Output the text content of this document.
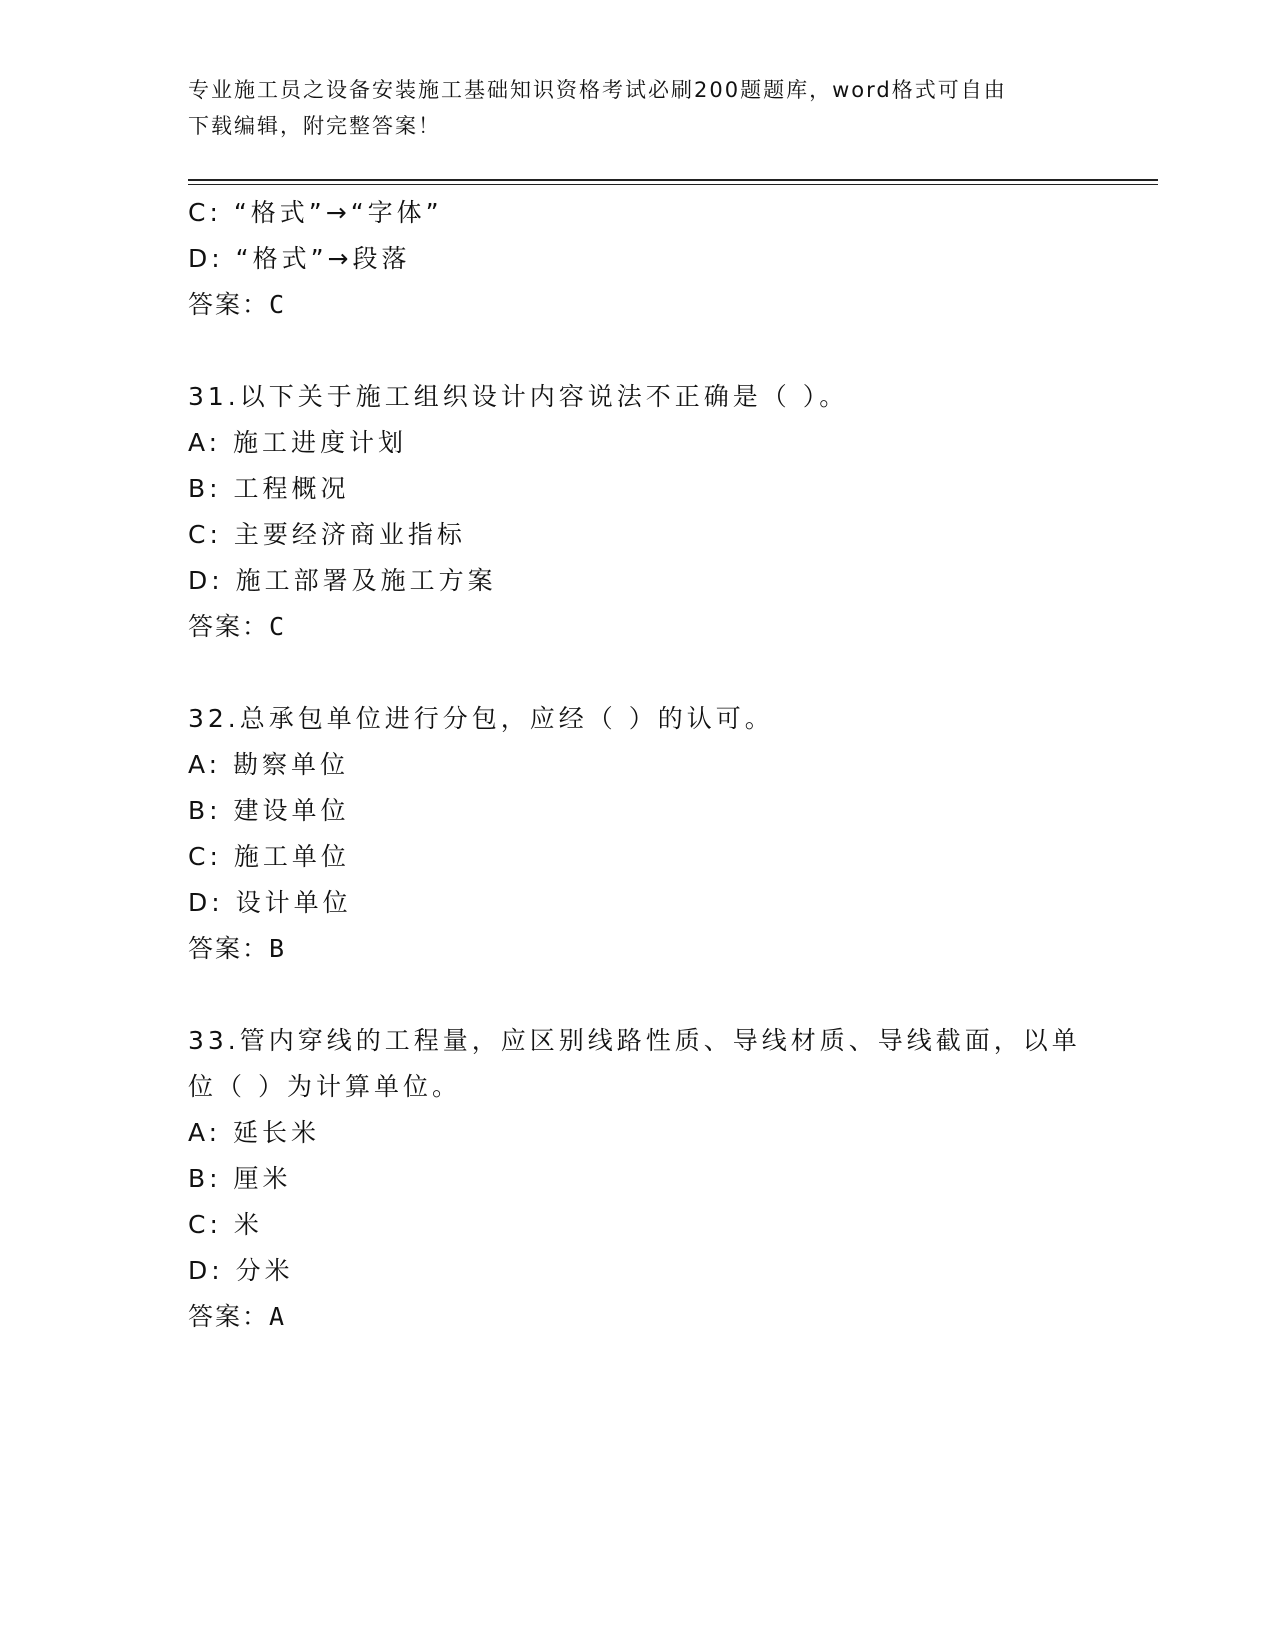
专业施工员之设备安装施工基础知识资格考试必刷200题题库，word格式可自由
下载编辑，附完整答案！
C: “格式”→“字体”
D: “格式”→段落
答案：C
31.以下关于施工组织设计内容说法不正确是（ ）。
A: 施工进度计划
B: 工程概况
C: 主要经济商业指标
D: 施工部署及施工方案
答案：C
32.总承包单位进行分包，应经（ ）的认可。
A: 勘察单位
B: 建设单位
C: 施工单位
D: 设计单位
答案：B
33.管内穿线的工程量，应区别线路性质、导线材质、导线截面，以单
位（ ）为计算单位。
A: 延长米
B: 厘米
C: 米
D: 分米
答案：A
